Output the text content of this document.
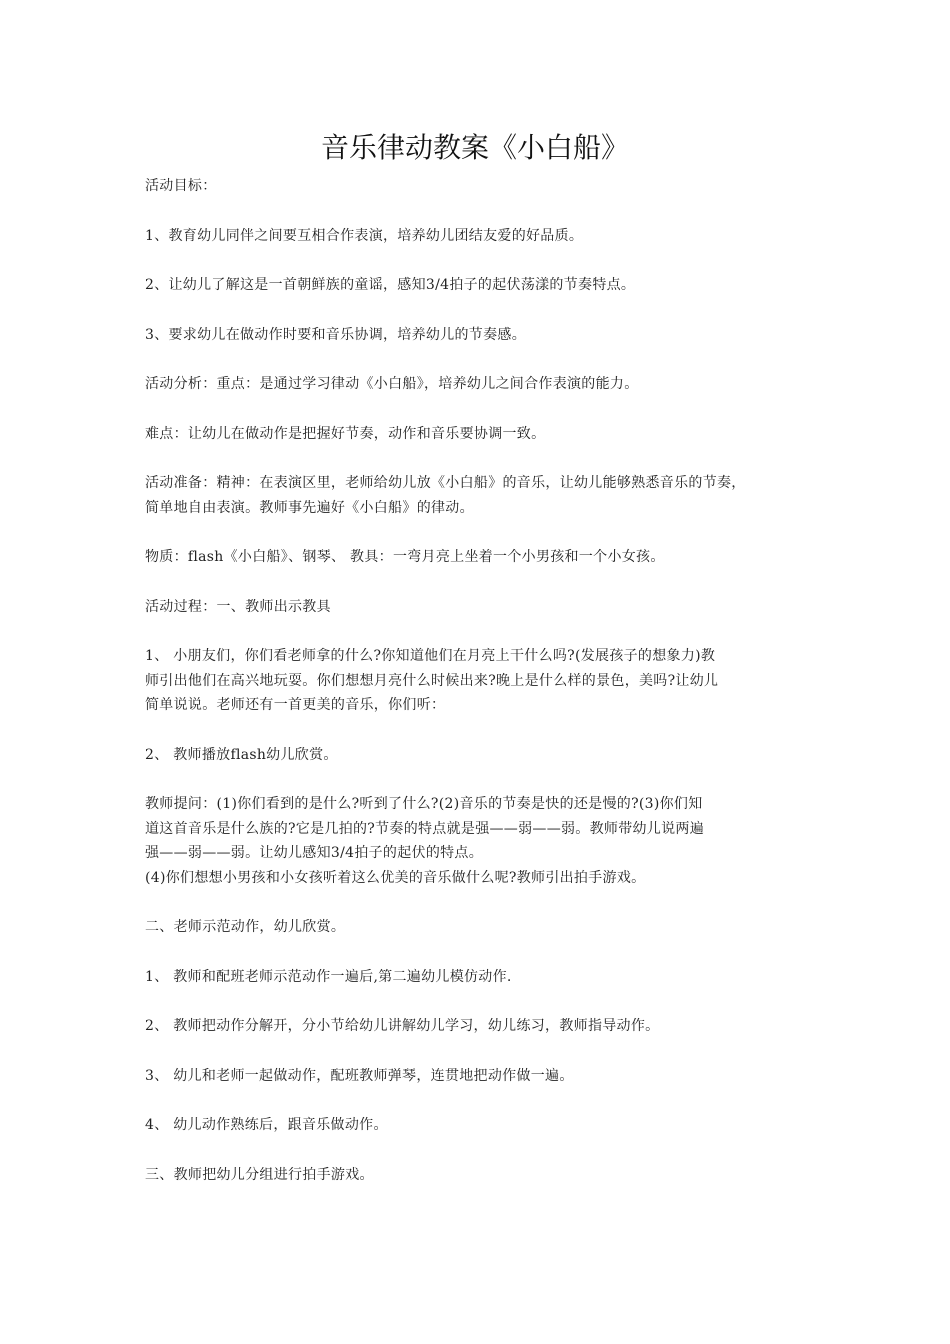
音乐律动教案《小白船》

活动目标：

1、教育幼儿同伴之间要互相合作表演，培养幼儿团结友爱的好品质。

2、让幼儿了解这是一首朝鲜族的童谣，感知3/4拍子的起伏荡漾的节奏特点。

3、要求幼儿在做动作时要和音乐协调，培养幼儿的节奏感。

活动分析：重点：是通过学习律动《小白船》，培养幼儿之间合作表演的能力。

难点：让幼儿在做动作是把握好节奏，动作和音乐要协调一致。

活动准备：精神：在表演区里，老师给幼儿放《小白船》的音乐，让幼儿能够熟悉音乐的节奏，
简单地自由表演。教师事先遍好《小白船》的律动。

物质：flash《小白船》、钢琴、 教具：一弯月亮上坐着一个小男孩和一个小女孩。

活动过程：一、教师出示教具

1、 小朋友们，你们看老师拿的什么?你知道他们在月亮上干什么吗?(发展孩子的想象力)教
师引出他们在高兴地玩耍。你们想想月亮什么时候出来?晚上是什么样的景色，美吗?让幼儿
简单说说。老师还有一首更美的音乐，你们听：

2、 教师播放flash幼儿欣赏。

教师提问：(1)你们看到的是什么?听到了什么?(2)音乐的节奏是快的还是慢的?(3)你们知
道这首音乐是什么族的?它是几拍的?节奏的特点就是强——弱——弱。教师带幼儿说两遍
强——弱——弱。让幼儿感知3/4拍子的起伏的特点。
(4)你们想想小男孩和小女孩听着这么优美的音乐做什么呢?教师引出拍手游戏。

二、老师示范动作，幼儿欣赏。

1、 教师和配班老师示范动作一遍后,第二遍幼儿模仿动作.

2、 教师把动作分解开，分小节给幼儿讲解幼儿学习，幼儿练习，教师指导动作。

3、 幼儿和老师一起做动作，配班教师弹琴，连贯地把动作做一遍。

4、 幼儿动作熟练后，跟音乐做动作。

三、教师把幼儿分组进行拍手游戏。
